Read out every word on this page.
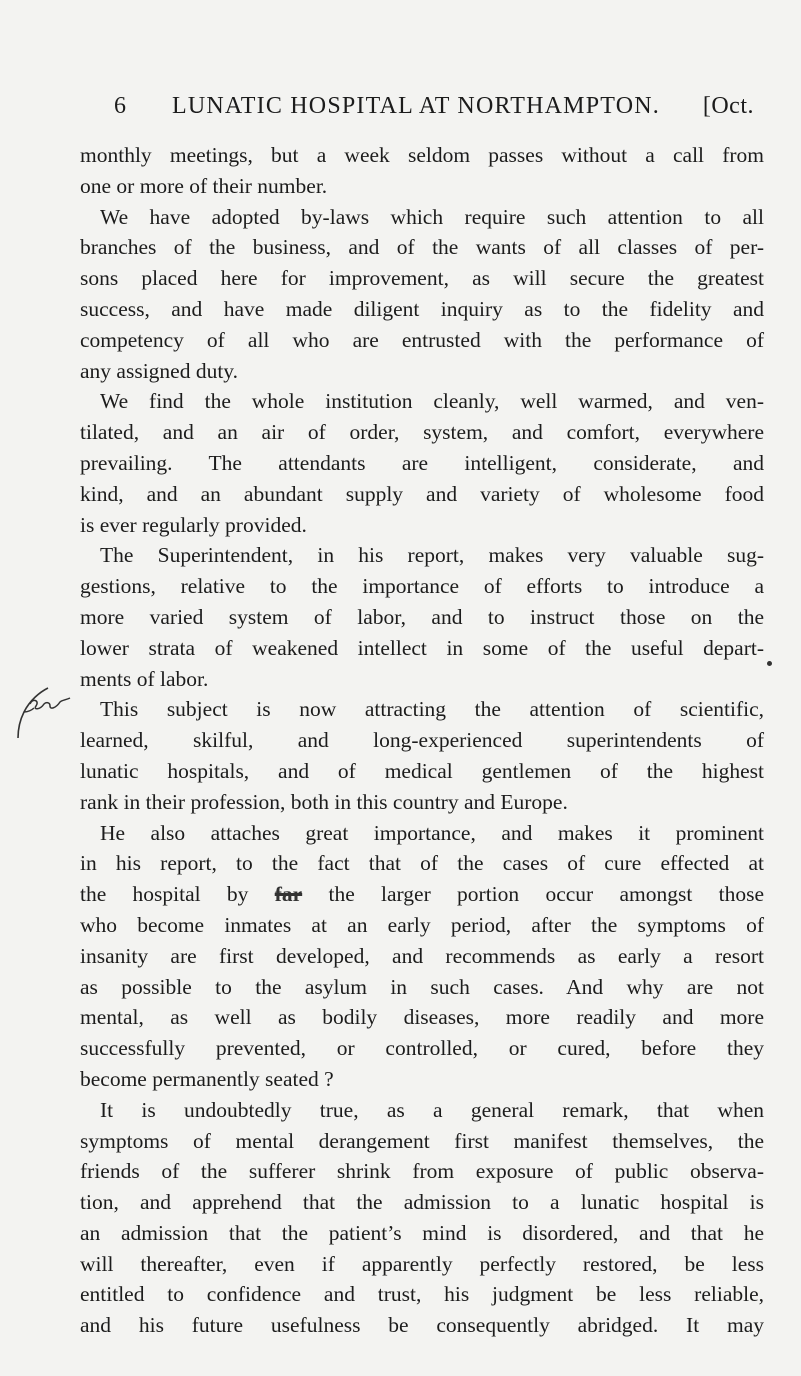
6 LUNATIC HOSPITAL AT NORTHAMPTON. [Oct.
monthly meetings, but a week seldom passes without a call from
one or more of their number.
We have adopted by-laws which require such attention to all
branches of the business, and of the wants of all classes of per-
sons placed here for improvement, as will secure the greatest
success, and have made diligent inquiry as to the fidelity and
competency of all who are entrusted with the performance of
any assigned duty.
We find the whole institution cleanly, well warmed, and ven-
tilated, and an air of order, system, and comfort, everywhere
prevailing. The attendants are intelligent, considerate, and
kind, and an abundant supply and variety of wholesome food
is ever regularly provided.
The Superintendent, in his report, makes very valuable sug-
gestions, relative to the importance of efforts to introduce a
more varied system of labor, and to instruct those on the
lower strata of weakened intellect in some of the useful depart-
ments of labor.
This subject is now attracting the attention of scientific,
learned, skilful, and long-experienced superintendents of
lunatic hospitals, and of medical gentlemen of the highest
rank in their profession, both in this country and Europe.
He also attaches great importance, and makes it prominent
in his report, to the fact that of the cases of cure effected at
the hospital by far the larger portion occur amongst those
who become inmates at an early period, after the symptoms of
insanity are first developed, and recommends as early a resort
as possible to the asylum in such cases. And why are not
mental, as well as bodily diseases, more readily and more
successfully prevented, or controlled, or cured, before they
become permanently seated ?
It is undoubtedly true, as a general remark, that when
symptoms of mental derangement first manifest themselves, the
friends of the sufferer shrink from exposure of public observa-
tion, and apprehend that the admission to a lunatic hospital is
an admission that the patient’s mind is disordered, and that he
will thereafter, even if apparently perfectly restored, be less
entitled to confidence and trust, his judgment be less reliable,
and his future usefulness be consequently abridged. It may
